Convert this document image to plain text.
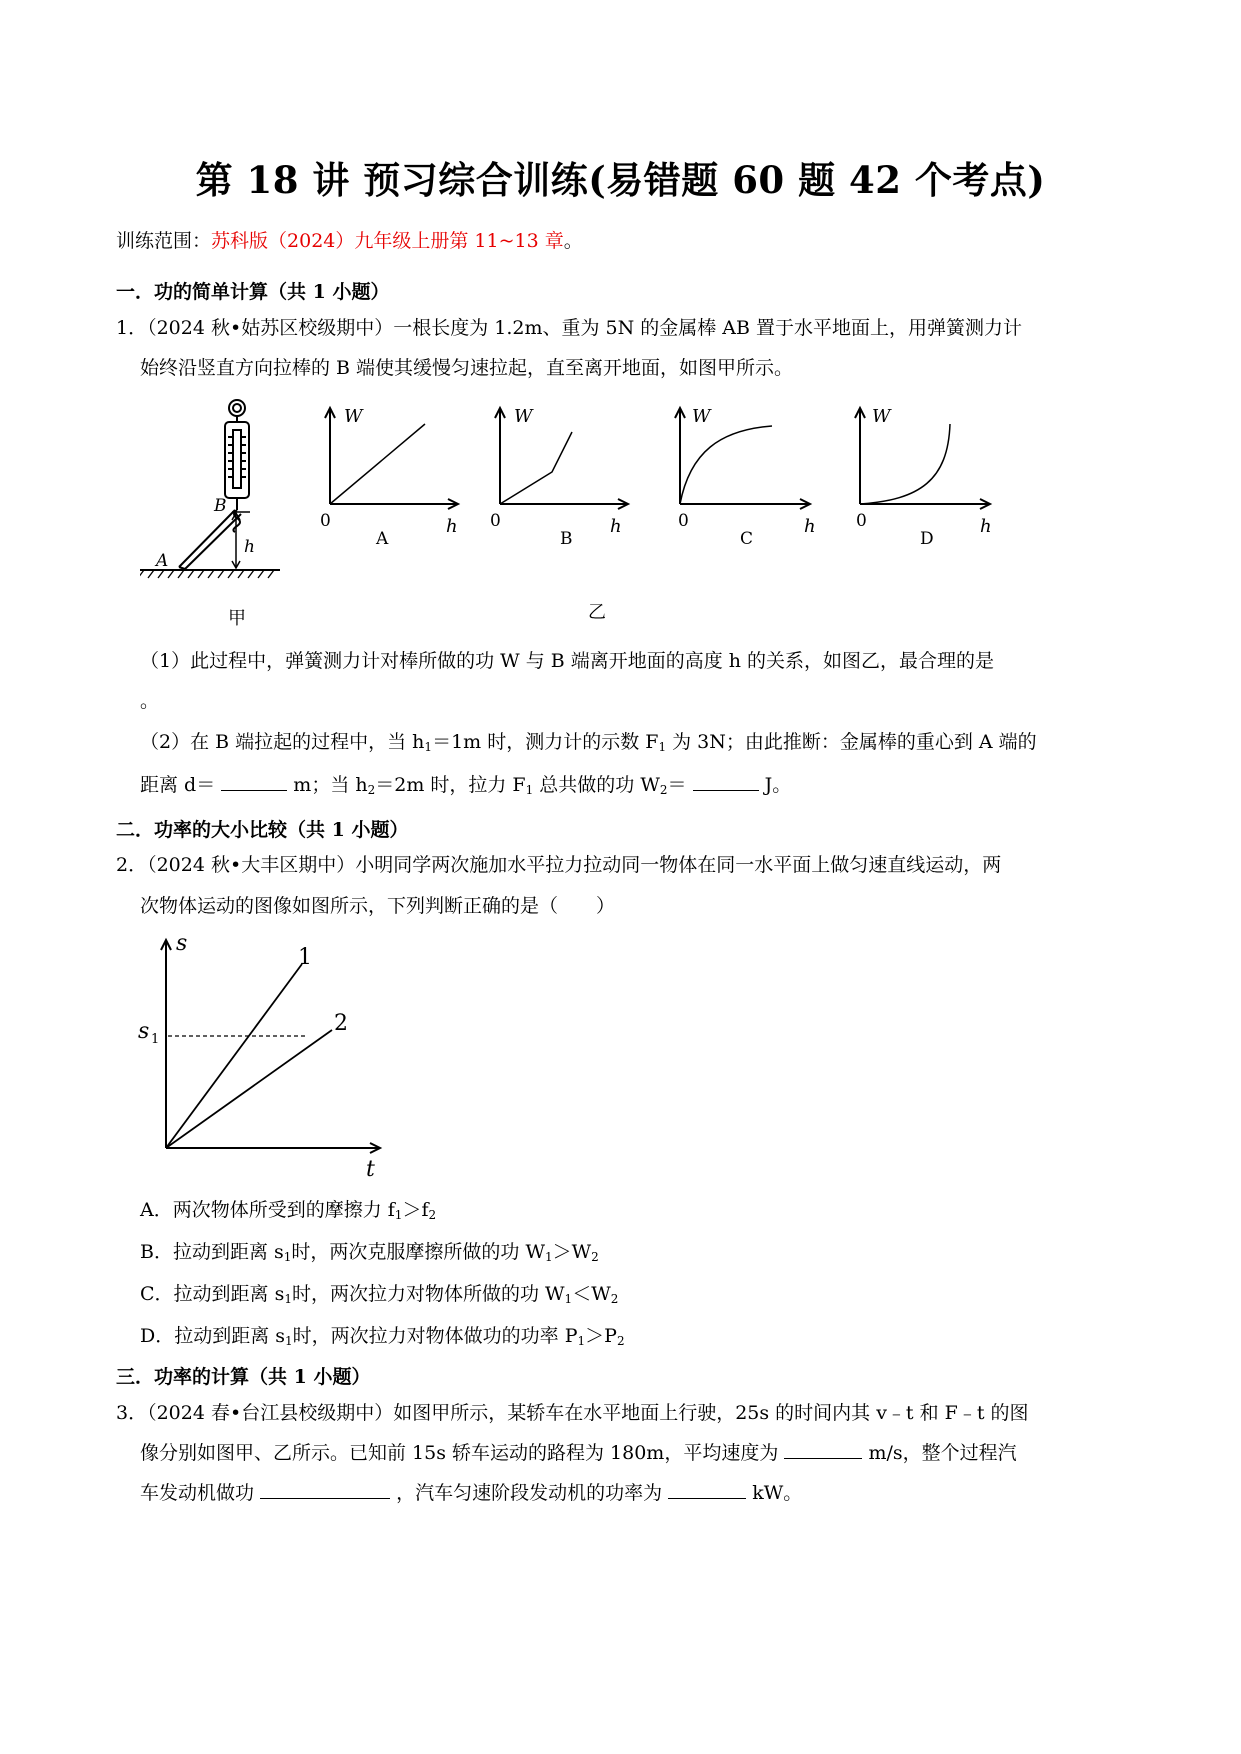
第 18 讲 预习综合训练(易错题 60 题 42 个考点)
训练范围：苏科版（2024）九年级上册第 11~13 章。
一．功的简单计算（共 1 小题）
1．（2024 秋•姑苏区校级期中）一根长度为 1.2m、重为 5N 的金属棒 AB 置于水平地面上，用弹簧测力计
始终沿竖直方向拉棒的 B 端使其缓慢匀速拉起，直至离开地面，如图甲所示。
A
B
h
甲
W
0	h
A
W
0	h
B
乙
W
0	h
C
W
0	h
D
（1）此过程中，弹簧测力计对棒所做的功 W 与 B 端离开地面的高度 h 的关系，如图乙，最合理的是
。
（2）在 B 端拉起的过程中，当 $h_1=1m$ 时，测力计的示数 $F_1$ 为 3N；由此推断：金属棒的重心到 A 端的
距离 d＝	m；当 $h_2=2m$ 时，拉力 $F_1$ 总共做的功 $W_2=$	J。
二．功率的大小比较（共 1 小题）
2．（2024 秋•大丰区期中）小明同学两次施加水平拉力拉动同一物体在同一水平面上做匀速直线运动，两
次物体运动的图像如图所示，下列判断正确的是（　　）
s
t
s 1
1
2
A．两次物体所受到的摩擦力 $f_1>f_2$
B．拉动到距离 $s_1$时，两次克服摩擦所做的功 $W_1>W_2$
C．拉动到距离 $s_1$时，两次拉力对物体所做的功 $W_1<W_2$
D．拉动到距离 $s_1$时，两次拉力对物体做功的功率 $P_1>P_2$
三．功率的计算（共 1 小题）
3．（2024 春•台江县校级期中）如图甲所示，某轿车在水平地面上行驶，25s 的时间内其 v﹣t 和 F﹣t 的图
像分别如图甲、乙所示。已知前 15s 轿车运动的路程为 180m，平均速度为	m/s，整个过程汽
车发动机做功	，汽车匀速阶段发动机的功率为	kW。
